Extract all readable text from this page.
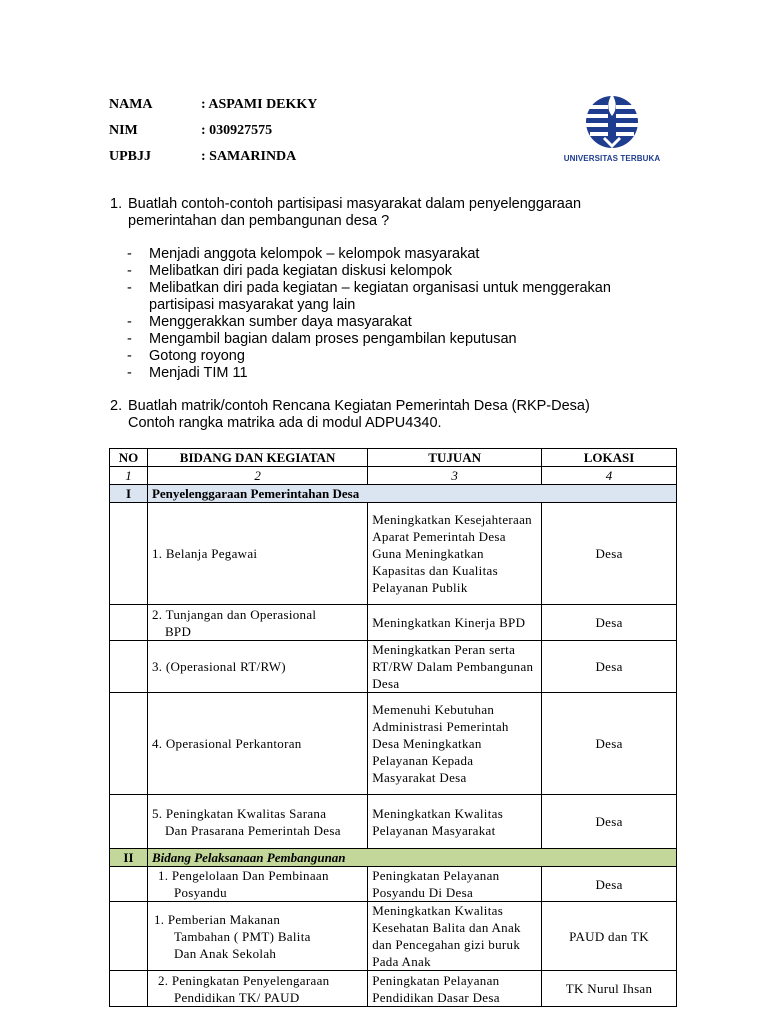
NAMA	: ASPAMI DEKKY
NIM	: 030927575
UPBJJ	: SAMARINDA	UNIVERSITAS TERBUKA
1. Buatlah contoh-contoh partisipasi masyarakat dalam penyelenggaraan
pemerintahan dan pembangunan desa ?
- Menjadi anggota kelompok – kelompok masyarakat
- Melibatkan diri pada kegiatan diskusi kelompok
- Melibatkan diri pada kegiatan – kegiatan organisasi untuk menggerakan partisipasi masyarakat yang lain
- Menggerakkan sumber daya masyarakat
- Mengambil bagian dalam proses pengambilan keputusan
- Gotong royong
- Menjadi TIM 11
2. Buatlah matrik/contoh Rencana Kegiatan Pemerintah Desa (RKP-Desa)
Contoh rangka matrika ada di modul ADPU4340.
NO	BIDANG DAN KEGIATAN	TUJUAN	LOKASI
1	2	3	4
I	Penyelenggaraan Pemerintahan Desa		

	1. Belanja Pegawai	Meningkatkan Kesejahteraan Aparat Pemerintah Desa Guna Meningkatkan Kapasitas dan Kualitas Pelayanan Publik	Desa

	2. Tunjangan dan Operasional
BPD	Meningkatkan Kinerja BPD	Desa

	3. (Operasional RT/RW)	Meningkatkan Peran serta RT/RW Dalam Pembangunan Desa	Desa

	4. Operasional Perkantoran	Memenuhi Kebutuhan Administrasi Pemerintah Desa Meningkatkan Pelayanan Kepada Masyarakat Desa	Desa

	5. Peningkatan Kwalitas Sarana
Dan Prasarana Pemerintah Desa	Meningkatkan Kwalitas Pelayanan Masyarakat	Desa
II	Bidang Pelaksanaan Pembangunan		

	1. Pengelolaan Dan Pembinaan
Posyandu	Peningkatan Pelayanan Posyandu Di Desa	Desa

	1. Pemberian Makanan
Tambahan ( PMT) Balita Dan Anak Sekolah	Meningkatkan Kwalitas Kesehatan Balita dan Anak dan Pencegahan gizi buruk Pada Anak	PAUD dan TK

	2. Peningkatan Penyelengaraan
Pendidikan TK/ PAUD	Peningkatan Pelayanan Pendidikan Dasar Desa	TK Nurul Ihsan
